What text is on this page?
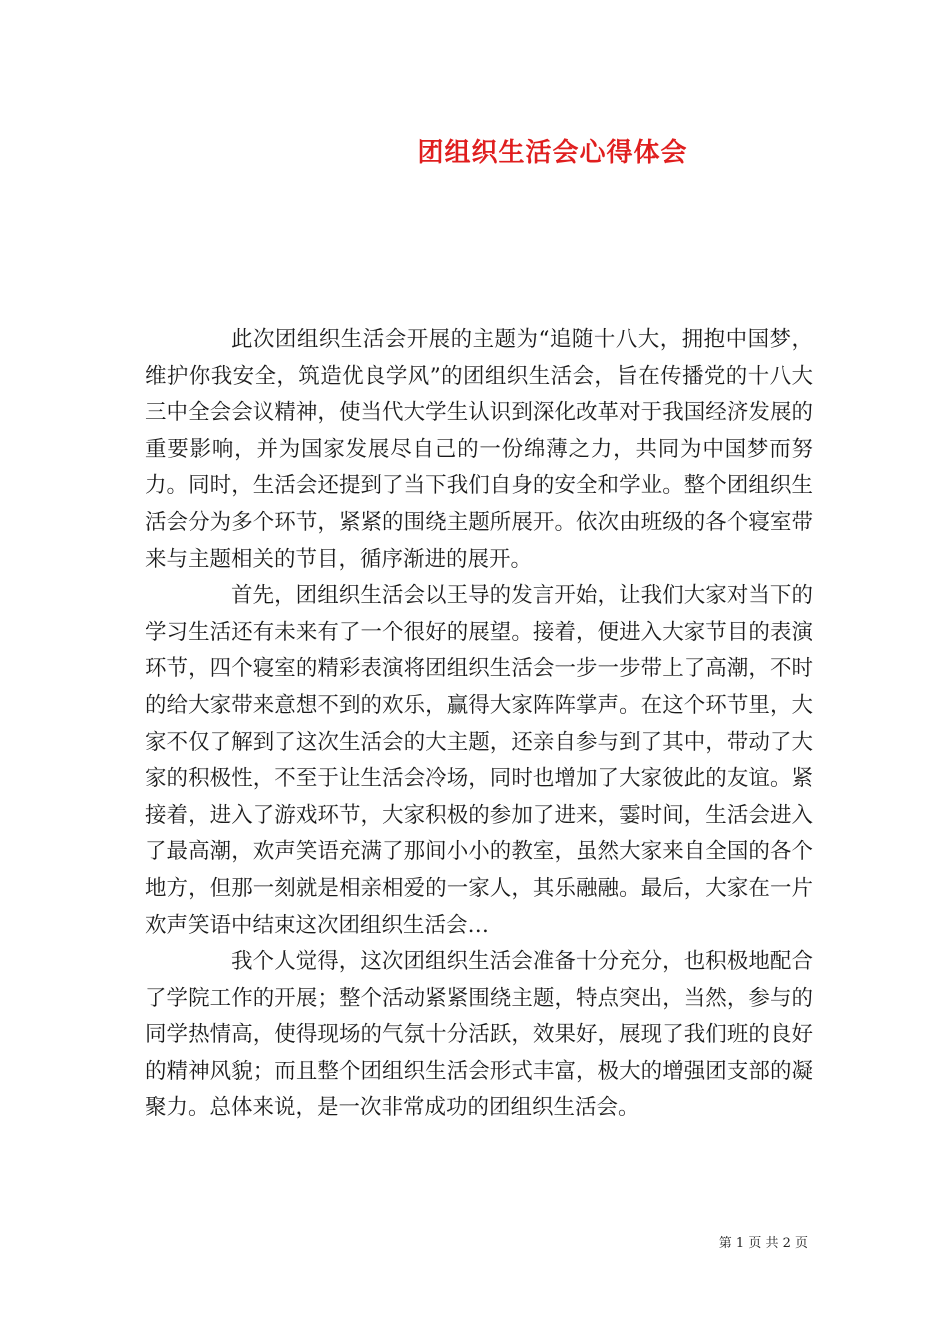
团组织生活会心得体会

此次团组织生活会开展的主题为“追随十八大，拥抱中国梦，维护你我安全，筑造优良学风”的团组织生活会，旨在传播党的十八大三中全会会议精神，使当代大学生认识到深化改革对于我国经济发展的重要影响，并为国家发展尽自己的一份绵薄之力，共同为中国梦而努力。同时，生活会还提到了当下我们自身的安全和学业。整个团组织生活会分为多个环节，紧紧的围绕主题所展开。依次由班级的各个寝室带来与主题相关的节目，循序渐进的展开。

首先，团组织生活会以王导的发言开始，让我们大家对当下的学习生活还有未来有了一个很好的展望。接着，便进入大家节目的表演环节，四个寝室的精彩表演将团组织生活会一步一步带上了高潮，不时的给大家带来意想不到的欢乐，赢得大家阵阵掌声。在这个环节里，大家不仅了解到了这次生活会的大主题，还亲自参与到了其中，带动了大家的积极性，不至于让生活会冷场，同时也增加了大家彼此的友谊。紧接着，进入了游戏环节，大家积极的参加了进来，霎时间，生活会进入了最高潮，欢声笑语充满了那间小小的教室，虽然大家来自全国的各个地方，但那一刻就是相亲相爱的一家人，其乐融融。最后，大家在一片欢声笑语中结束这次团组织生活会…

我个人觉得，这次团组织生活会准备十分充分，也积极地配合了学院工作的开展；整个活动紧紧围绕主题，特点突出，当然，参与的同学热情高，使得现场的气氛十分活跃，效果好，展现了我们班的良好的精神风貌；而且整个团组织生活会形式丰富，极大的增强团支部的凝聚力。总体来说，是一次非常成功的团组织生活会。

第 1 页 共 2 页
